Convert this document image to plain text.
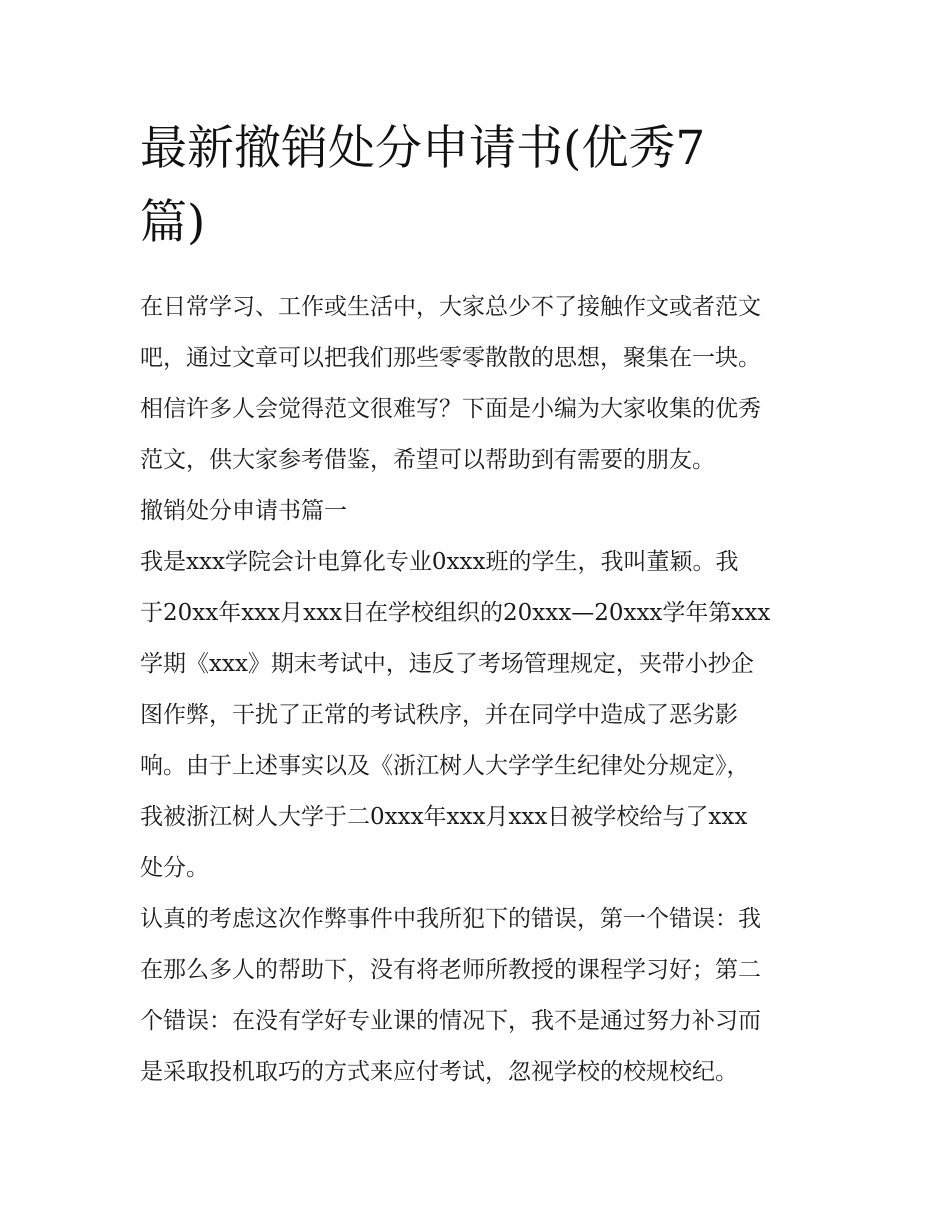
最新撤销处分申请书(优秀7
篇)

在日常学习、工作或生活中，大家总少不了接触作文或者范文
吧，通过文章可以把我们那些零零散散的思想，聚集在一块。
相信许多人会觉得范文很难写？下面是小编为大家收集的优秀
范文，供大家参考借鉴，希望可以帮助到有需要的朋友。

撤销处分申请书篇一

我是xxx学院会计电算化专业0xxx班的学生，我叫董颖。我
于20xx年xxx月xxx日在学校组织的20xxx—20xxx学年第xxx
学期《xxx》期末考试中，违反了考场管理规定，夹带小抄企
图作弊，干扰了正常的考试秩序，并在同学中造成了恶劣影
响。由于上述事实以及《浙江树人大学学生纪律处分规定》，
我被浙江树人大学于二0xxx年xxx月xxx日被学校给与了xxx
处分。

认真的考虑这次作弊事件中我所犯下的错误，第一个错误：我
在那么多人的帮助下，没有将老师所教授的课程学习好；第二
个错误：在没有学好专业课的情况下，我不是通过努力补习而
是采取投机取巧的方式来应付考试，忽视学校的校规校纪。
